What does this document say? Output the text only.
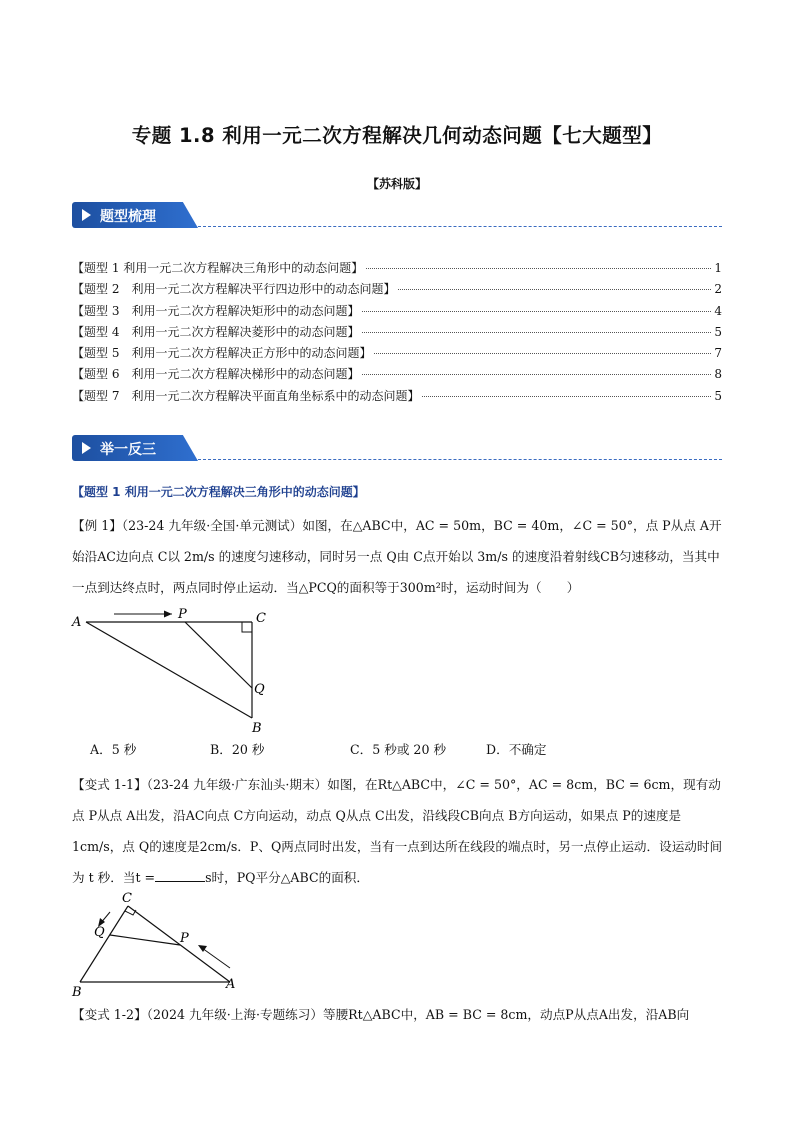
专题 1.8 利用一元二次方程解决几何动态问题【七大题型】
【苏科版】
题型梳理
【题型 1 利用一元二次方程解决三角形中的动态问题】	1
【题型 2　利用一元二次方程解决平行四边形中的动态问题】	2
【题型 3　利用一元二次方程解决矩形中的动态问题】	4
【题型 4　利用一元二次方程解决菱形中的动态问题】	5
【题型 5　利用一元二次方程解决正方形中的动态问题】	7
【题型 6　利用一元二次方程解决梯形中的动态问题】	8
【题型 7　利用一元二次方程解决平面直角坐标系中的动态问题】	5
举一反三
【题型 1 利用一元二次方程解决三角形中的动态问题】
【例 1】（23-24 九年级·全国·单元测试）如图，在△ABC中，AC = 50m，BC = 40m，∠C = 50°，点 P从点 A开始沿AC边向点 C以 2m/s 的速度匀速移动，同时另一点 Q由 C点开始以 3m/s 的速度沿着射线CB匀速移动，当其中一点到达终点时，两点同时停止运动．当△PCQ的面积等于300m²时，运动时间为（　　）
A
P	C
Q
B
A．5 秒	B．20 秒	C．5 秒或 20 秒	D．不确定
【变式 1-1】（23-24 九年级·广东汕头·期末）如图，在Rt△ABC中，∠C = 50°，AC = 8cm，BC = 6cm，现有动点 P从点 A出发，沿AC向点 C方向运动，动点 Q从点 C出发，沿线段CB向点 B方向运动，如果点 P的速度是1cm/s，点 Q的速度是2cm/s．P、Q两点同时出发，当有一点到达所在线段的端点时，另一点停止运动．设运动时间为 t 秒．当t =	s时，PQ平分△ABC的面积．
C
Q	P
B
A
【变式 1-2】（2024 九年级·上海·专题练习）等腰Rt△ABC中，AB = BC = 8cm，动点P从点A出发，沿AB向
